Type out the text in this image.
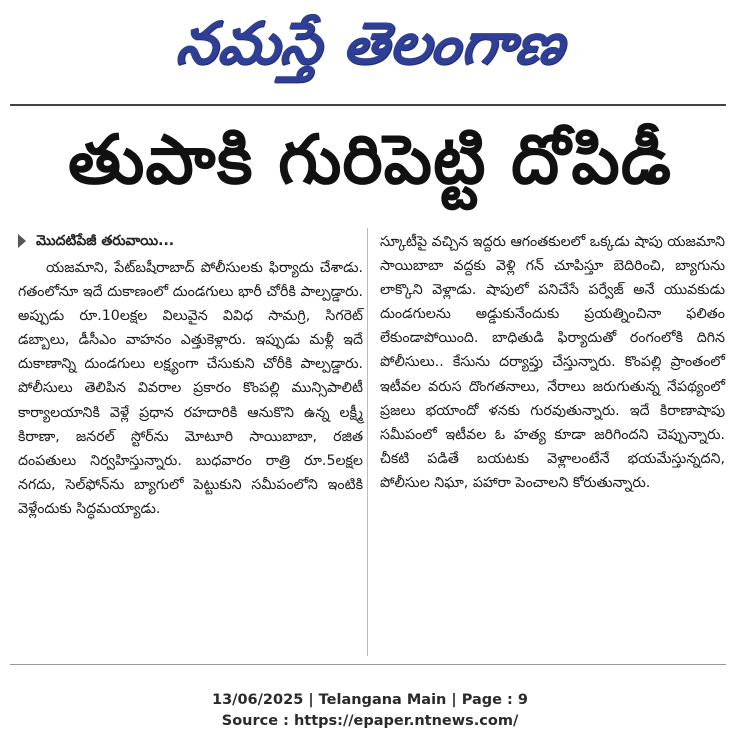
నమస్తే తెలంగాణ
తుపాకి గురిపెట్టి దోపిడీ
మొదటిపేజీ తరువాయి...

యజమాని, పేట్‌బషీరాబాద్ పోలీసులకు ఫిర్యాదు చేశాడు. గతంలోనూ ఇదే దుకాణంలో దుండగులు భారీ చోరీకి పాల్పడ్డారు. అప్పుడు రూ.10లక్షల విలువైన వివిధ సామగ్రి, సిగరెట్ డబ్బాలు, డీసీఎం వాహనం ఎత్తుకెళ్లారు. ఇప్పుడు మళ్లీ ఇదే దుకాణాన్ని దుండగులు లక్ష్యంగా చేసుకుని చోరీకి పాల్పడ్డారు. పోలీసులు తెలిపిన వివరాల ప్రకారం కొంపల్లి మున్సిపాలిటీ కార్యాలయానికి వెళ్లే ప్రధాన రహదారికి ఆనుకొని ఉన్న లక్ష్మీ కిరాణా, జనరల్ స్టోర్‌ను మోటూరి సాయిబాబా, రజిత దంపతులు నిర్వహిస్తున్నారు. బుధవారం రాత్రి రూ.5లక్షల నగదు, సెల్‌ఫోన్‌ను బ్యాగులో పెట్టుకుని సమీపంలోని ఇంటికి వెళ్లేందుకు సిద్ధమయ్యాడు.

స్కూటీపై వచ్చిన ఇద్దరు ఆగంతకులలో ఒక్కడు షాపు యజమాని సాయిబాబా వద్దకు వెళ్లి గన్ చూపిస్తూ బెదిరించి, బ్యాగును లాక్కొని వెళ్లాడు. షాపులో పనిచేసే పర్వేజ్ అనే యువకుడు దుండగులను అడ్డుకునేందుకు ప్రయత్నించినా ఫలితం లేకుండాపోయింది. బాధితుడి ఫిర్యాదుతో రంగంలోకి దిగిన పోలీసులు.. కేసును దర్యాప్తు చేస్తున్నారు. కొంపల్లి ప్రాంతంలో ఇటీవల వరుస దొంగతనాలు, నేరాలు జరుగుతున్న నేపథ్యంలో ప్రజలు భయాందో ళనకు గురవుతున్నారు. ఇదే కిరాణాషాపు సమీపంలో ఇటీవల ఓ హత్య కూడా జరిగిందని చెప్పున్నారు. చీకటి పడితే బయటకు వెళ్లాలంటేనే భయమేస్తున్నదని, పోలీసుల నిఘా, పహారా పెంచాలని కోరుతున్నారు.

13/06/2025 | Telangana Main | Page : 9
Source : https://epaper.ntnews.com/
